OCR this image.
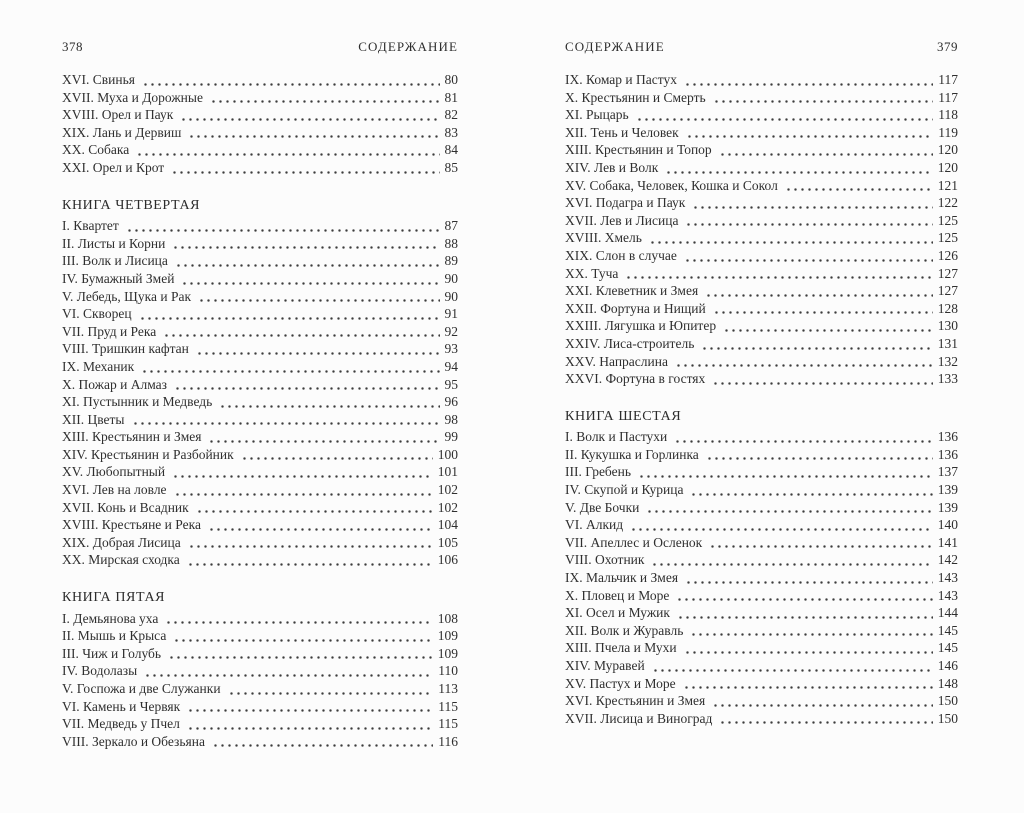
378	СОДЕРЖАНИЕ
XVI. Свинья	80
XVII. Муха и Дорожные	81
XVIII. Орел и Паук	82
XIX. Лань и Дервиш	83
XX. Собака	84
XXI. Орел и Крот	85
КНИГА ЧЕТВЕРТАЯ
I. Квартет	87
II. Листы и Корни	88
III. Волк и Лисица	89
IV. Бумажный Змей	90
V. Лебедь, Щука и Рак	90
VI. Скворец	91
VII. Пруд и Река	92
VIII. Тришкин кафтан	93
IX. Механик	94
X. Пожар и Алмаз	95
XI. Пустынник и Медведь	96
XII. Цветы	98
XIII. Крестьянин и Змея	99
XIV. Крестьянин и Разбойник	100
XV. Любопытный	101
XVI. Лев на ловле	102
XVII. Конь и Всадник	102
XVIII. Крестьяне и Река	104
XIX. Добрая Лисица	105
XX. Мирская сходка	106
КНИГА ПЯТАЯ
I. Демьянова уха	108
II. Мышь и Крыса	109
III. Чиж и Голубь	109
IV. Водолазы	110
V. Госпожа и две Служанки	113
VI. Камень и Червяк	115
VII. Медведь у Пчел	115
VIII. Зеркало и Обезьяна	116
СОДЕРЖАНИЕ	379
IX. Комар и Пастух	117
X. Крестьянин и Смерть	117
XI. Рыцарь	118
XII. Тень и Человек	119
XIII. Крестьянин и Топор	120
XIV. Лев и Волк	120
XV. Собака, Человек, Кошка и Сокол	121
XVI. Подагра и Паук	122
XVII. Лев и Лисица	125
XVIII. Хмель	125
XIX. Слон в случае	126
XX. Туча	127
XXI. Клеветник и Змея	127
XXII. Фортуна и Нищий	128
XXIII. Лягушка и Юпитер	130
XXIV. Лиса-строитель	131
XXV. Напраслина	132
XXVI. Фортуна в гостях	133
КНИГА ШЕСТАЯ
I. Волк и Пастухи	136
II. Кукушка и Горлинка	136
III. Гребень	137
IV. Скупой и Курица	139
V. Две Бочки	139
VI. Алкид	140
VII. Апеллес и Осленок	141
VIII. Охотник	142
IX. Мальчик и Змея	143
X. Пловец и Море	143
XI. Осел и Мужик	144
XII. Волк и Журавль	145
XIII. Пчела и Мухи	145
XIV. Муравей	146
XV. Пастух и Море	148
XVI. Крестьянин и Змея	150
XVII. Лисица и Виноград	150
